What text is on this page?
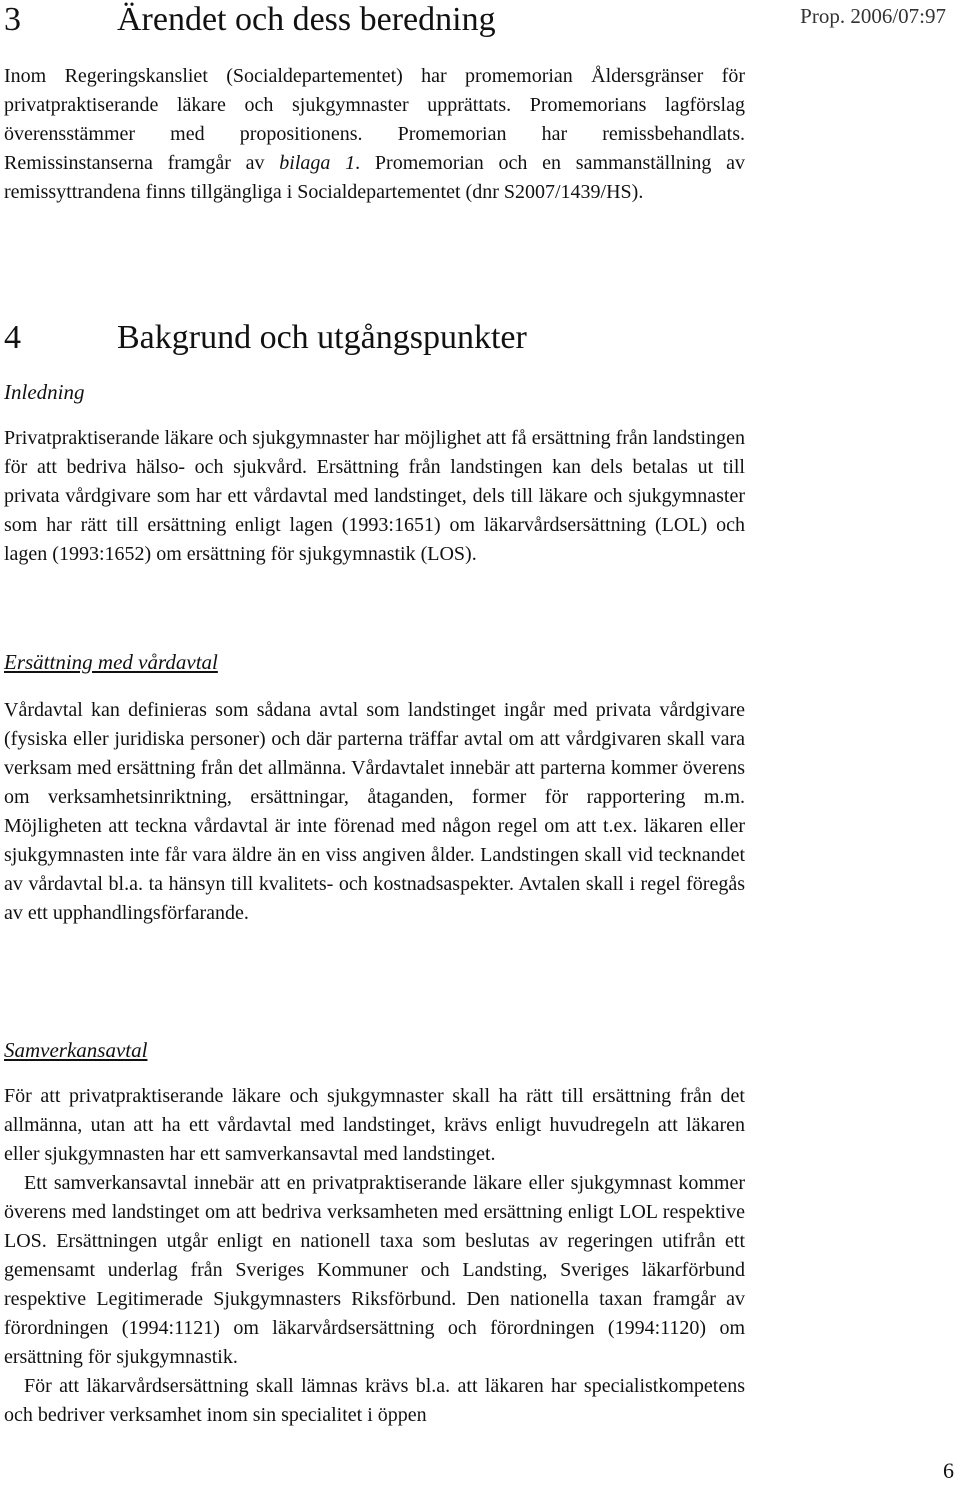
Prop. 2006/07:97
3	Ärendet och dess beredning

Inom Regeringskansliet (Socialdepartementet) har promemorian Åldersgränser för privatpraktiserande läkare och sjukgymnaster upprättats. Promemorians lagförslag överensstämmer med propositionens. Promemorian har remissbehandlats. Remissinstanserna framgår av bilaga 1. Promemorian och en sammanställning av remissyttrandena finns tillgängliga i Socialdepartementet (dnr S2007/1439/HS).

4	Bakgrund och utgångspunkter
Inledning

Privatpraktiserande läkare och sjukgymnaster har möjlighet att få ersättning från landstingen för att bedriva hälso- och sjukvård. Ersättning från landstingen kan dels betalas ut till privata vårdgivare som har ett vårdavtal med landstinget, dels till läkare och sjukgymnaster som har rätt till ersättning enligt lagen (1993:1651) om läkarvårdsersättning (LOL) och lagen (1993:1652) om ersättning för sjukgymnastik (LOS).

Ersättning med vårdavtal

Vårdavtal kan definieras som sådana avtal som landstinget ingår med privata vårdgivare (fysiska eller juridiska personer) och där parterna träffar avtal om att vårdgivaren skall vara verksam med ersättning från det allmänna. Vårdavtalet innebär att parterna kommer överens om verksamhetsinriktning, ersättningar, åtaganden, former för rapportering m.m. Möjligheten att teckna vårdavtal är inte förenad med någon regel om att t.ex. läkaren eller sjukgymnasten inte får vara äldre än en viss angiven ålder. Landstingen skall vid tecknandet av vårdavtal bl.a. ta hänsyn till kvalitets- och kostnadsaspekter. Avtalen skall i regel föregås av ett upphandlingsförfarande.

Samverkansavtal

För att privatpraktiserande läkare och sjukgymnaster skall ha rätt till ersättning från det allmänna, utan att ha ett vårdavtal med landstinget, krävs enligt huvudregeln att läkaren eller sjukgymnasten har ett samverkansavtal med landstinget.

Ett samverkansavtal innebär att en privatpraktiserande läkare eller sjukgymnast kommer överens med landstinget om att bedriva verksamheten med ersättning enligt LOL respektive LOS. Ersättningen utgår enligt en nationell taxa som beslutas av regeringen utifrån ett gemensamt underlag från Sveriges Kommuner och Landsting, Sveriges läkarförbund respektive Legitimerade Sjukgymnasters Riksförbund. Den nationella taxan framgår av förordningen (1994:1121) om läkarvårdsersättning och förordningen (1994:1120) om ersättning för sjukgymnastik.

För att läkarvårdsersättning skall lämnas krävs bl.a. att läkaren har specialistkompetens och bedriver verksamhet inom sin specialitet i öppen

6
